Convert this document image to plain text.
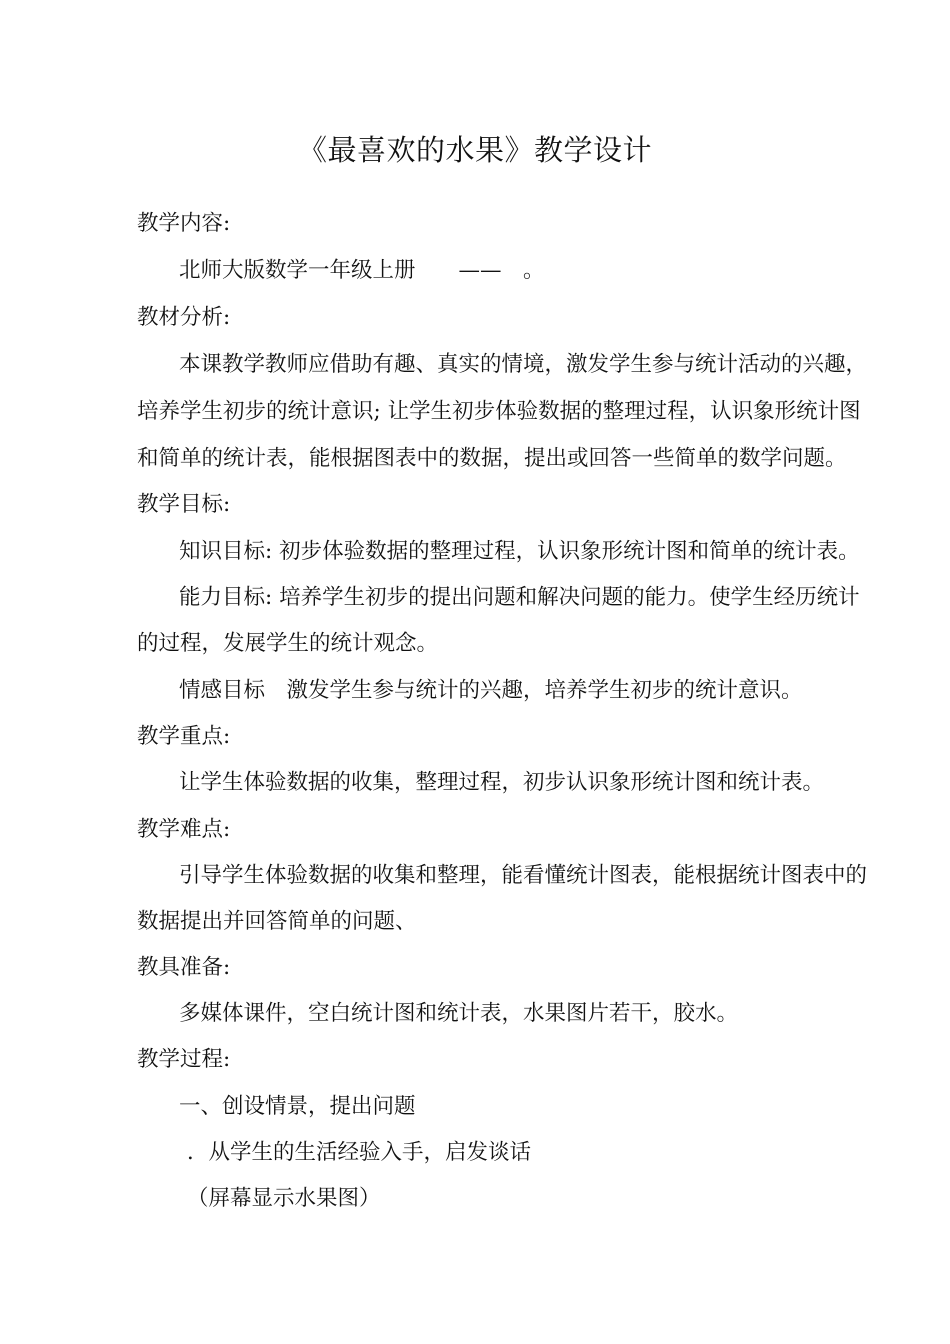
《最喜欢的水果》教学设计
教学内容:
北师大版数学一年级上册　　——　。
教材分析:
本课教学教师应借助有趣、真实的情境，激发学生参与统计活动的兴趣，
培养学生初步的统计意识; 让学生初步体验数据的整理过程，认识象形统计图
和简单的统计表，能根据图表中的数据，提出或回答一些简单的数学问题。
教学目标:
知识目标: 初步体验数据的整理过程，认识象形统计图和简单的统计表。
能力目标: 培养学生初步的提出问题和解决问题的能力。使学生经历统计
的过程，发展学生的统计观念。
情感目标　激发学生参与统计的兴趣，培养学生初步的统计意识。
教学重点:
让学生体验数据的收集，整理过程，初步认识象形统计图和统计表。
教学难点:
引导学生体验数据的收集和整理，能看懂统计图表，能根据统计图表中的
数据提出并回答简单的问题、
教具准备:
多媒体课件，空白统计图和统计表，水果图片若干，胶水。
教学过程:
一、创设情景，提出问题
．从学生的生活经验入手，启发谈话
（屏幕显示水果图）
